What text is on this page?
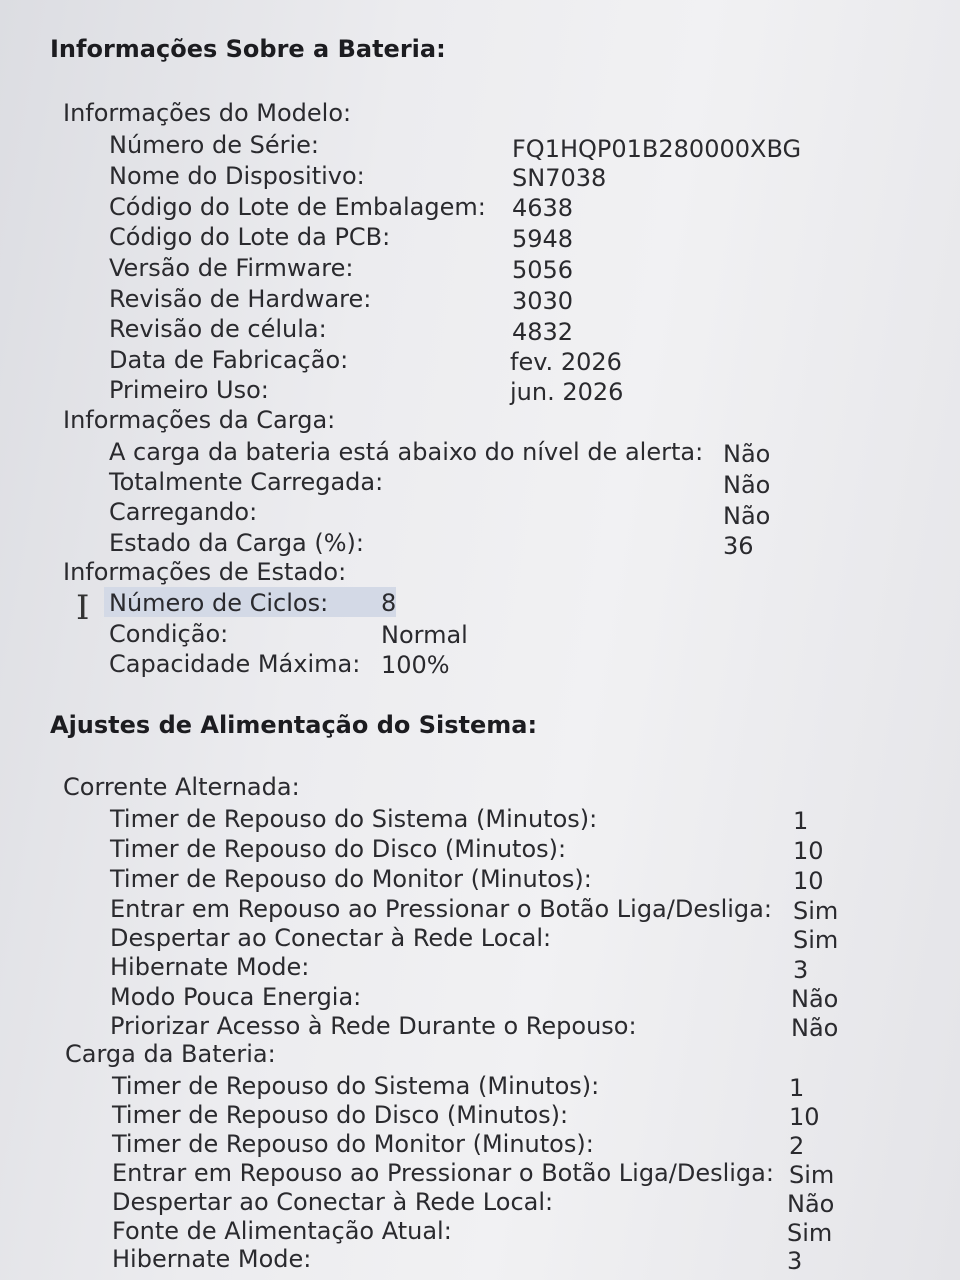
Informações Sobre a Bateria:
Informações do Modelo:
Número de Série:	FQ1HQP01B280000XBG
Nome do Dispositivo:	SN7038
Código do Lote de Embalagem: 4638
Código do Lote da PCB:	5948
Versão de Firmware:	5056
Revisão de Hardware:	3030
Revisão de célula:	4832
Data de Fabricação:	fev. 2026
Primeiro Uso:	jun. 2026
Informações da Carga:
A carga da bateria está abaixo do nível de alerta: Não
Totalmente Carregada:	Não
Carregando:	Não
Estado da Carga (%):	36
Informações de Estado:
I Número de Ciclos: 8
Condição:	Normal
Capacidade Máxima: 100%
Ajustes de Alimentação do Sistema:
Corrente Alternada:
Timer de Repouso do Sistema (Minutos):	1
Timer de Repouso do Disco (Minutos):	10
Timer de Repouso do Monitor (Minutos):	10
Entrar em Repouso ao Pressionar o Botão Liga/Desliga: Sim
Despertar ao Conectar à Rede Local:	Sim
Hibernate Mode:	3
Modo Pouca Energia:	Não
Priorizar Acesso à Rede Durante o Repouso:	Não
Carga da Bateria:
Timer de Repouso do Sistema (Minutos):	1
Timer de Repouso do Disco (Minutos):	10
Timer de Repouso do Monitor (Minutos):	2
Entrar em Repouso ao Pressionar o Botão Liga/Desliga: Sim
Despertar ao Conectar à Rede Local:	Não
Fonte de Alimentação Atual:	Sim
Hibernate Mode:	3
